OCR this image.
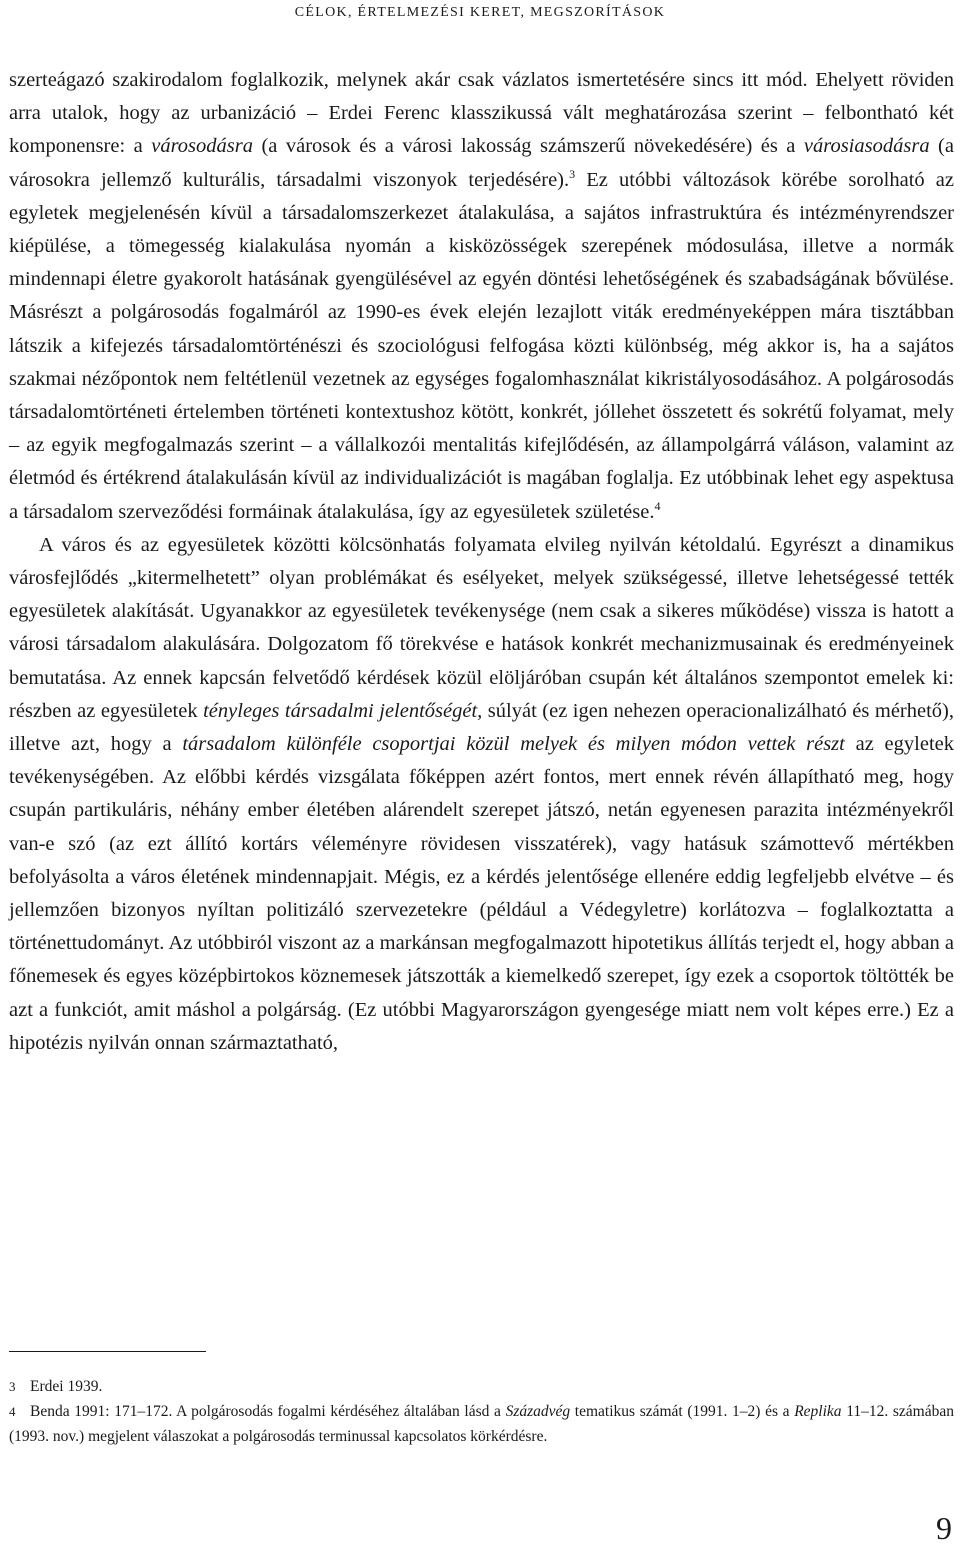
CÉLOK, ÉRTELMEZÉSI KERET, MEGSZORÍTÁSOK

szerteágazó szakirodalom foglalkozik, melynek akár csak vázlatos ismertetésére sincs itt mód. Ehelyett röviden arra utalok, hogy az urbanizáció – Erdei Ferenc klasszikussá vált meghatározása szerint – felbontható két komponensre: a városodásra (a városok és a városi lakosság számszerű növekedésére) és a városiasodásra (a városokra jellemző kulturális, társadalmi viszonyok terjedésére).$^3$ Ez utóbbi változások körébe sorolható az egyletek megjelenésén kívül a társadalomszerkezet átalakulása, a sajátos infrastruktúra és intézményrendszer kiépülése, a tömegesség kialakulása nyomán a kisközösségek szerepének módosulása, illetve a normák mindennapi életre gyakorolt hatásának gyengülésével az egyén döntési lehetőségének és szabadságának bővülése. Másrészt a polgárosodás fogalmáról az 1990-es évek elején lezajlott viták eredményeképpen mára tisztábban látszik a kifejezés társadalomtörténészi és szociológusi felfogása közti különbség, még akkor is, ha a sajátos szakmai nézőpontok nem feltétlenül vezetnek az egységes fogalomhasználat kikristályosodásához. A polgárosodás társadalomtörténeti értelemben történeti kontextushoz kötött, konkrét, jóllehet összetett és sokrétű folyamat, mely – az egyik megfogalmazás szerint – a vállalkozói mentalitás kifejlődésén, az állampolgárrá váláson, valamint az életmód és értékrend átalakulásán kívül az individualizációt is magában foglalja. Ez utóbbinak lehet egy aspektusa a társadalom szerveződési formáinak átalakulása, így az egyesületek születése.$^4$

A város és az egyesületek közötti kölcsönhatás folyamata elvileg nyilván kétoldalú. Egyrészt a dinamikus városfejlődés „kitermelhetett” olyan problémákat és esélyeket, melyek szükségessé, illetve lehetségessé tették egyesületek alakítását. Ugyanakkor az egyesületek tevékenysége (nem csak a sikeres működése) vissza is hatott a városi társadalom alakulására. Dolgozatom fő törekvése e hatások konkrét mechanizmusainak és eredményeinek bemutatása. Az ennek kapcsán felvetődő kérdések közül elöljáróban csupán két általános szempontot emelek ki: részben az egyesületek tényleges társadalmi jelentőségét, súlyát (ez igen nehezen operacionalizálható és mérhető), illetve azt, hogy a társadalom különféle csoportjai közül melyek és milyen módon vettek részt az egyletek tevékenységében. Az előbbi kérdés vizsgálata főképpen azért fontos, mert ennek révén állapítható meg, hogy csupán partikuláris, néhány ember életében alárendelt szerepet játszó, netán egyenesen parazita intézményekről van-e szó (az ezt állító kortárs véleményre rövidesen visszatérek), vagy hatásuk számottevő mértékben befolyásolta a város életének mindennapjait. Mégis, ez a kérdés jelentősége ellenére eddig legfeljebb elvétve – és jellemzően bizonyos nyíltan politizáló szervezetekre (például a Védegyletre) korlátozva – foglalkoztatta a történettudományt. Az utóbbiról viszont az a markánsan megfogalmazott hipotetikus állítás terjedt el, hogy abban a főnemesek és egyes középbirtokos köznemesek játszották a kiemelkedő szerepet, így ezek a csoportok töltötték be azt a funkciót, amit máshol a polgárság. (Ez utóbbi Magyarországon gyengesége miatt nem volt képes erre.) Ez a hipotézis nyilván onnan származtatható,

3 Erdei 1939.

4 Benda 1991: 171–172. A polgárosodás fogalmi kérdéséhez általában lásd a Századvég tematikus számát (1991. 1–2) és a Replika 11–12. számában (1993. nov.) megjelent válaszokat a polgárosodás terminussal kapcsolatos körkérdésre.

9
